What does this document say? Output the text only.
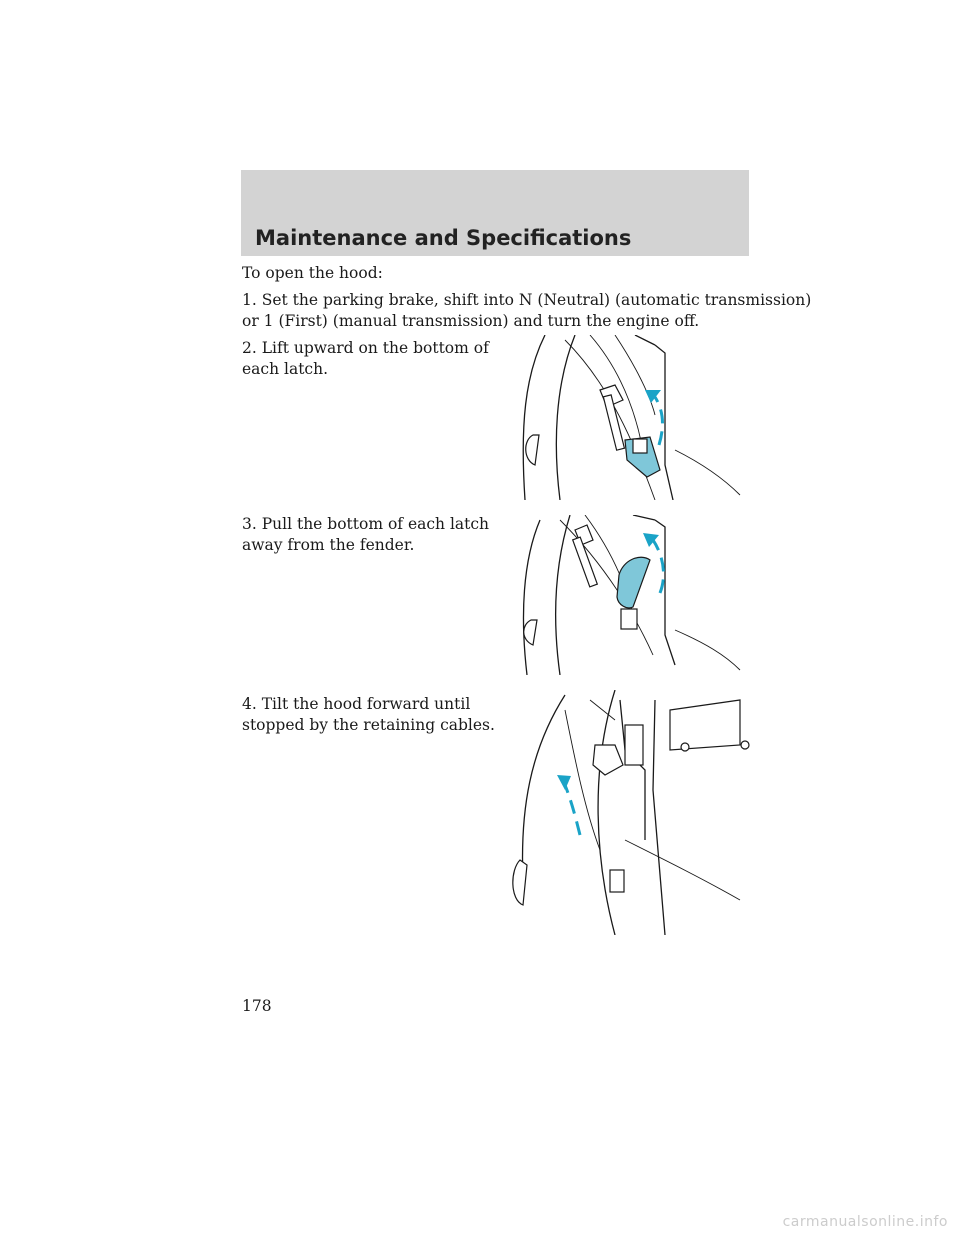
Maintenance and Specifications
To open the hood:
1. Set the parking brake, shift into N (Neutral) (automatic transmission)
or 1 (First) (manual transmission) and turn the engine off.
2. Lift upward on the bottom of
each latch.
3. Pull the bottom of each latch
away from the fender.
4. Tilt the hood forward until
stopped by the retaining cables.
178
carmanualsonline.info
